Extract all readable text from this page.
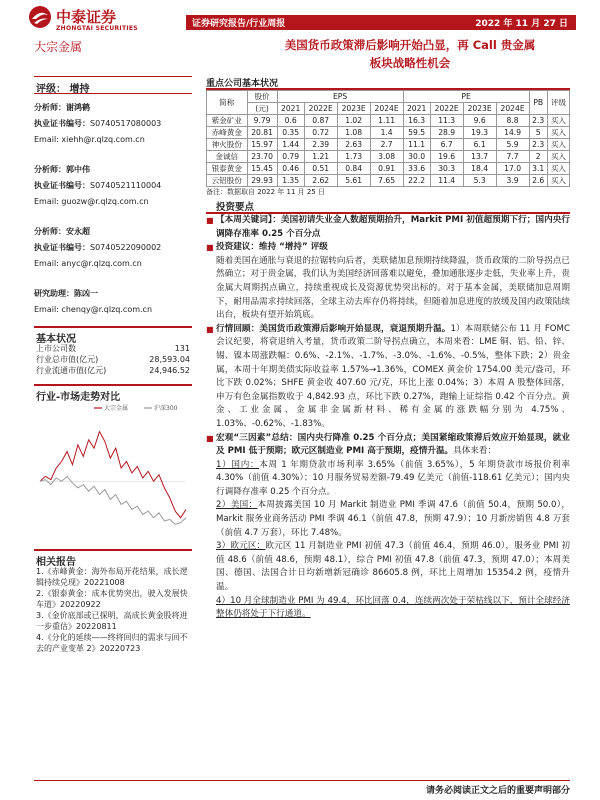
中泰证券
ZHONGTAI SECURITIES	证券研究报告/行业周报	2022 年 11 月 27 日
大宗金属	美国货币政策滞后影响开始凸显，再 Call 贵金属
板块战略性机会
评级： 增持
分析师：谢鸿鹤
执业证书编号：S0740517080003
Email: xiehh@r.qlzq.com.cn
分析师：郭中伟
执业证书编号：S0740521110004
Email: guozw@r.qlzq.com.cn
分析师：安永超
执业证书编号：S0740522090002
Email: anyc@r.qlzq.com.cn
研究助理：陈凶一
Email: chenqy@r.qlzq.com.cn
基本状况
上市公司数	131
行业总市值(亿元)	28,593.04
行业流通市值(亿元)	24,946.52
行业-市场走势对比
大宗金属	沪深300
相关报告
1.《赤峰黄金：海外布局开花结果，成长逻辑持续兑现》20221008
2.《银泰黄金：成本优势突出，驶入发展快车道》20220922
3.《金价底部或已探明，高成长黄金股将进一步重估》20220811
4.《分化的延续——终将回归的需求与回不去的产业变革 2》20220723
重点公司基本状况
简称	股价	EPS				PE				PB	评级
	(元)	2021	2022E	2023E	2024E	2021	2022E	2023E	2024E		
紫金矿业	9.79	0.6	0.87	1.02	1.11	16.3	11.3	9.6	8.8	2.3	买入
赤峰黄金	20.81	0.35	0.72	1.08	1.4	59.5	28.9	19.3	14.9	5	买入
神火股份	15.97	1.44	2.39	2.63	2.7	11.1	6.7	6.1	5.9	2.3	买入
金诚信	23.70	0.79	1.21	1.73	3.08	30.0	19.6	13.7	7.7	2	买入
银泰黄金	15.45	0.46	0.51	0.84	0.91	33.6	30.3	18.4	17.0	3.1	买入
云铝股份	29.93	1.35	2.62	5.61	7.65	22.2	11.4	5.3	3.9	2.6	买入
备注：数据取自 2022 年 11 月 25 日
投资要点

■ 【本周关键词】：美国初请失业金人数超预期抬升，Markit PMI 初值超预期下行；国内央行调降存准率 0.25 个百分点

■ 投资建议：维持 “增持” 评级

随着美国在通胀与衰退的拉锯转向后者，美联储加息预期持续降温，货币政策的二阶导拐点已然确立；对于贵金属，我们认为美国经济回落难以避免，叠加通胀逐步走低，失业率上升，贵金属大周期拐点确立，持续重视成长及资源优势突出标的。对于基本金属，美联储加息周期下，耐用品需求持续回落，全球主动去库存仍将持续，但随着加息进度的放缓及国内政策陆续出台，板块有望开始筑底。

■ 行情回顾：美国货币政策滞后影响开始显现，衰退预期升温。1）本周联储公布 11 月 FOMC 会议纪要，将衰退纳入考量，货币政策二阶导拐点确立，本周来看：LME 铜、铝、铅、锌、锡、镍本周涨跌幅：0.6%、-2.1%、-1.7%、-3.0%、-1.6%、-0.5%，整体下跌；2）贵金属，本周十年期美债实际收益率 1.57%→1.36%，COMEX 黄金价 1754.00 美元/盎司，环比下跌 0.02%；SHFE 黄金收 407.60 元/克，环比上涨 0.04%；3）本周 A 股整体回落，申万有色金属指数收于 4,842.93 点，环比下跌 0.27%，跑输上证综指 0.42 个百分点。黄金、工业金属、金属非金属新材料、稀有金属的涨跌幅分别为 4.75%、1.03%、-0.62%、-1.83%。

■ 宏观“三因素”总结：国内央行降准 0.25 个百分点；美国紧缩政策滞后效应开始显现，就业及 PMI 低于预期；欧元区制造业 PMI 高于预期，疫情升温。具体来看：

1）国内：本周 1 年期贷款市场利率 3.65%（前值 3.65%），5 年期贷款市场报价利率 4.30%（前值 4.30%）；10 月服务贸易差额-79.49 亿美元（前值-118.61 亿美元）；国内央行调降存准率 0.25 个百分点。

2）美国：本周披露美国 10 月 Markit 制造业 PMI 季调 47.6（前值 50.4，预期 50.0），Markit 服务业商务活动 PMI 季调 46.1（前值 47.8，预期 47.9）；10 月新房销售 4.8 万套（前值 4.7 万套），环比 7.48%。

3）欧元区：欧元区 11 月制造业 PMI 初值 47.3（前值 46.4，预期 46.0），服务业 PMI 初值 48.6（前值 48.6，预期 48.1），综合 PMI 初值 47.8（前值 47.3，预期 47.0）；本周美国、德国、法国合计日均新增新冠确诊 86605.8 例，环比上周增加 15354.2 例，疫情升温。

4）10 月全球制造业 PMI 为 49.4，环比回落 0.4，连续两次处于荣枯线以下，预计全球经济整体仍将处于下行通道。

请务必阅读正文之后的重要声明部分
